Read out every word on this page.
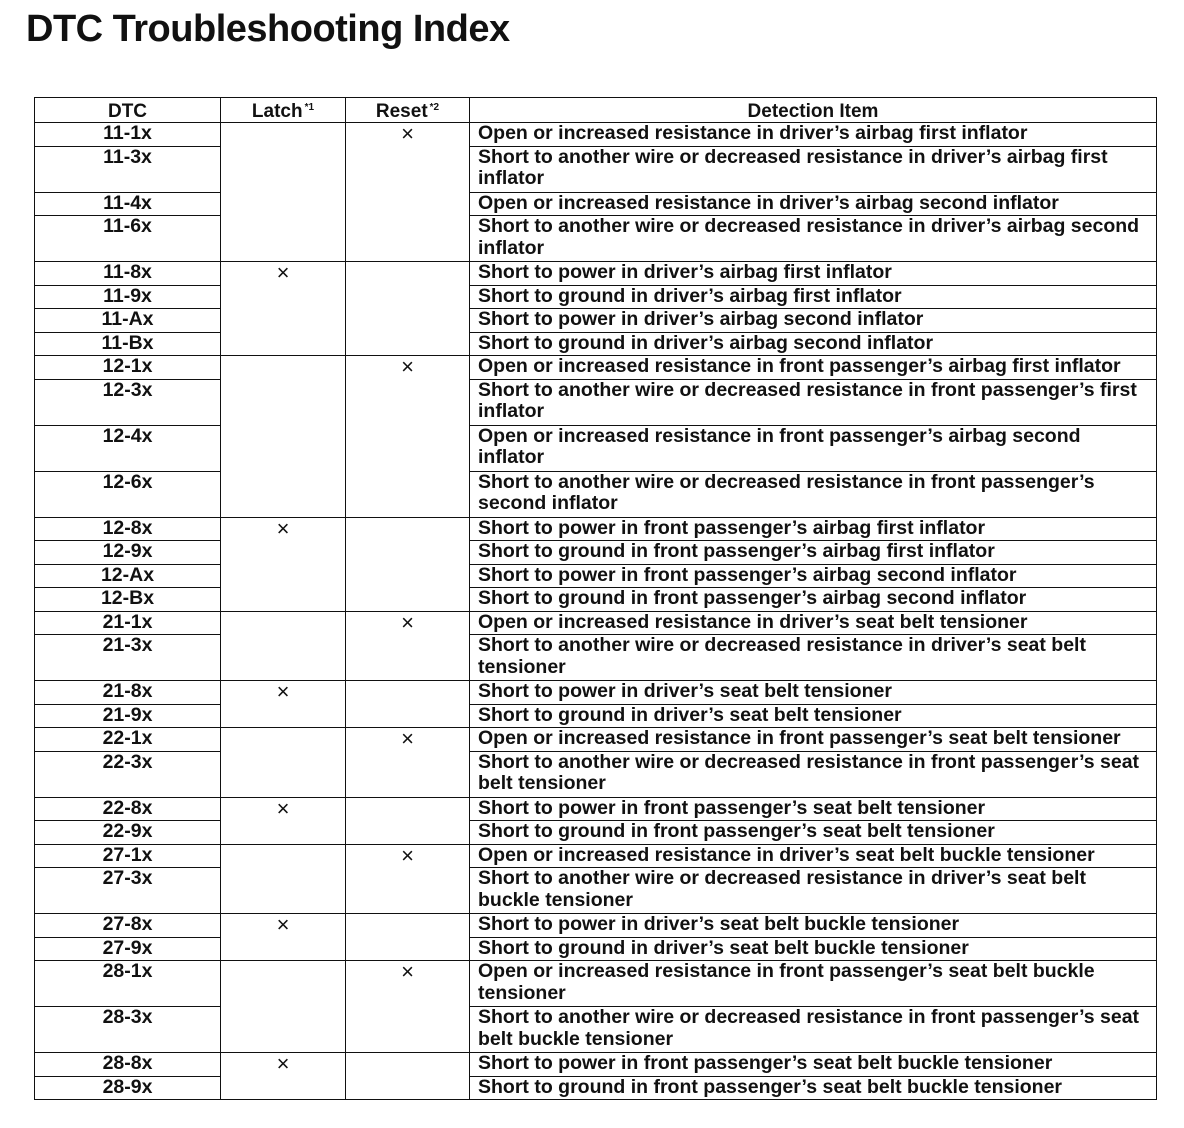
DTC Troubleshooting Index
DTC	Latch $^{*1}$	Reset $^{*2}$	Detection Item
11-1x		×	Open or increased resistance in driver’s airbag first inflator
11-3x			Short to another wire or decreased resistance in driver’s airbag first inflator
11-4x			Open or increased resistance in driver’s airbag second inflator
11-6x			Short to another wire or decreased resistance in driver’s airbag second inflator
11-8x	×		Short to power in driver’s airbag first inflator
11-9x			Short to ground in driver’s airbag first inflator
11-Ax			Short to power in driver’s airbag second inflator
11-Bx			Short to ground in driver’s airbag second inflator
12-1x		×	Open or increased resistance in front passenger’s airbag first inflator
12-3x			Short to another wire or decreased resistance in front passenger’s first inflator
12-4x			Open or increased resistance in front passenger’s airbag second inflator
12-6x			Short to another wire or decreased resistance in front passenger’s second inflator
12-8x	×		Short to power in front passenger’s airbag first inflator
12-9x			Short to ground in front passenger’s airbag first inflator
12-Ax			Short to power in front passenger’s airbag second inflator
12-Bx			Short to ground in front passenger’s airbag second inflator
21-1x		×	Open or increased resistance in driver’s seat belt tensioner
21-3x			Short to another wire or decreased resistance in driver’s seat belt tensioner
21-8x	×		Short to power in driver’s seat belt tensioner
21-9x			Short to ground in driver’s seat belt tensioner
22-1x		×	Open or increased resistance in front passenger’s seat belt tensioner
22-3x			Short to another wire or decreased resistance in front passenger’s seat belt tensioner
22-8x	×		Short to power in front passenger’s seat belt tensioner
22-9x			Short to ground in front passenger’s seat belt tensioner
27-1x		×	Open or increased resistance in driver’s seat belt buckle tensioner
27-3x			Short to another wire or decreased resistance in driver’s seat belt buckle tensioner
27-8x	×		Short to power in driver’s seat belt buckle tensioner
27-9x			Short to ground in driver’s seat belt buckle tensioner
28-1x		×	Open or increased resistance in front passenger’s seat belt buckle tensioner
28-3x			Short to another wire or decreased resistance in front passenger’s seat belt buckle tensioner
28-8x	×		Short to power in front passenger’s seat belt buckle tensioner
28-9x			Short to ground in front passenger’s seat belt buckle tensioner
